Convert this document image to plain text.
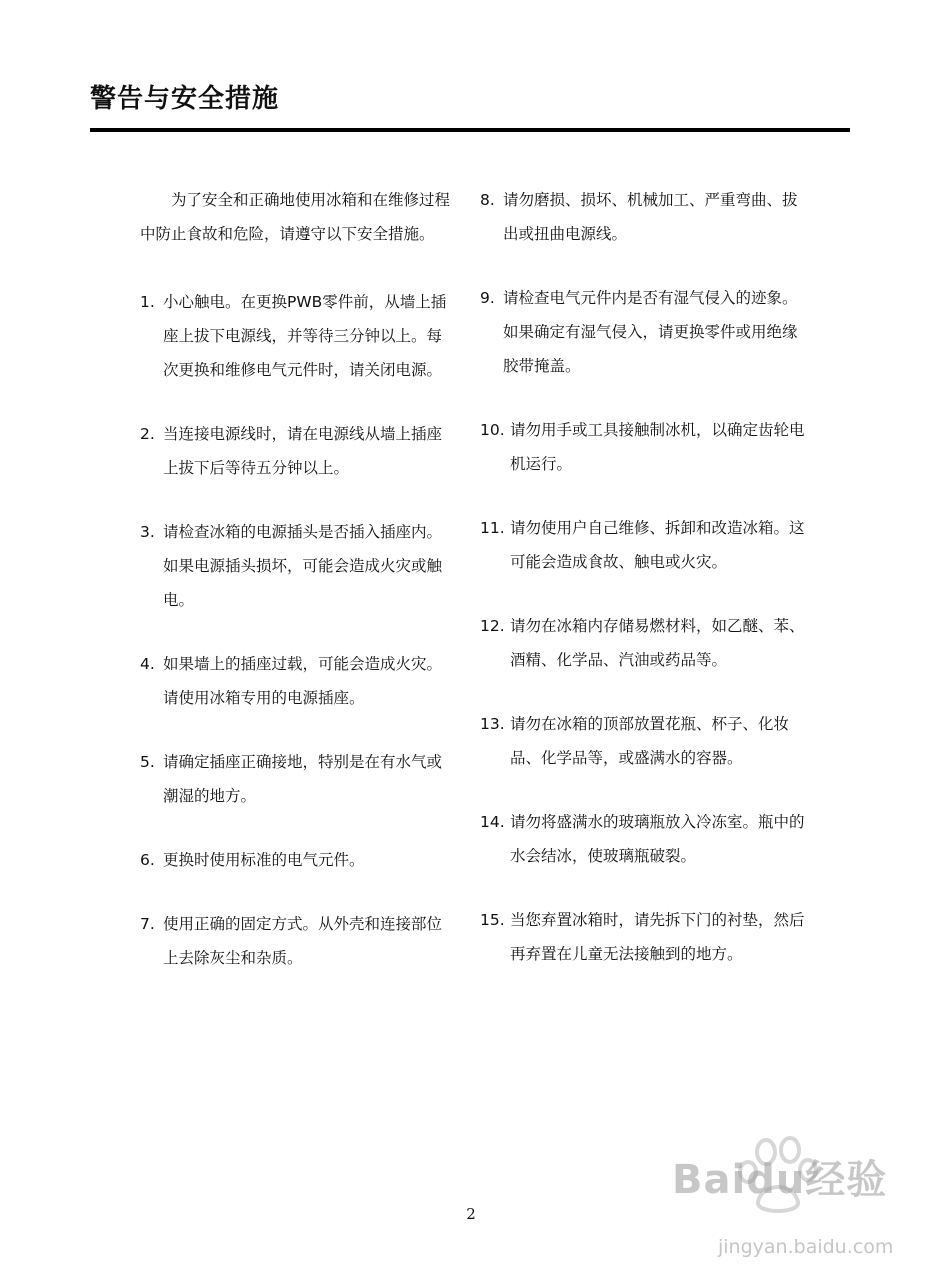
警告与安全措施

为了安全和正确地使用冰箱和在维修过程中防止食故和危险，请遵守以下安全措施。

1. 小心触电。在更换PWB零件前，从墙上插座上拔下电源线，并等待三分钟以上。每次更换和维修电气元件时，请关闭电源。
2. 当连接电源线时，请在电源线从墙上插座上拔下后等待五分钟以上。
3. 请检查冰箱的电源插头是否插入插座内。如果电源插头损坏，可能会造成火灾或触电。
4. 如果墙上的插座过载，可能会造成火灾。请使用冰箱专用的电源插座。
5. 请确定插座正确接地，特别是在有水气或潮湿的地方。
6. 更换时使用标准的电气元件。
7. 使用正确的固定方式。从外壳和连接部位上去除灰尘和杂质。
8. 请勿磨损、损坏、机械加工、严重弯曲、拔出或扭曲电源线。
9. 请检查电气元件内是否有湿气侵入的迹象。如果确定有湿气侵入，请更换零件或用绝缘胶带掩盖。
10. 请勿用手或工具接触制冰机，以确定齿轮电机运行。
11. 请勿使用户自己维修、拆卸和改造冰箱。这可能会造成食故、触电或火灾。
12. 请勿在冰箱内存储易燃材料，如乙醚、苯、酒精、化学品、汽油或药品等。
13. 请勿在冰箱的顶部放置花瓶、杯子、化妆品、化学品等，或盛满水的容器。
14. 请勿将盛满水的玻璃瓶放入冷冻室。瓶中的水会结冰，使玻璃瓶破裂。
15. 当您弃置冰箱时，请先拆下门的衬垫，然后再弃置在儿童无法接触到的地方。
Baidu经验
jingyan.baidu.com
2
